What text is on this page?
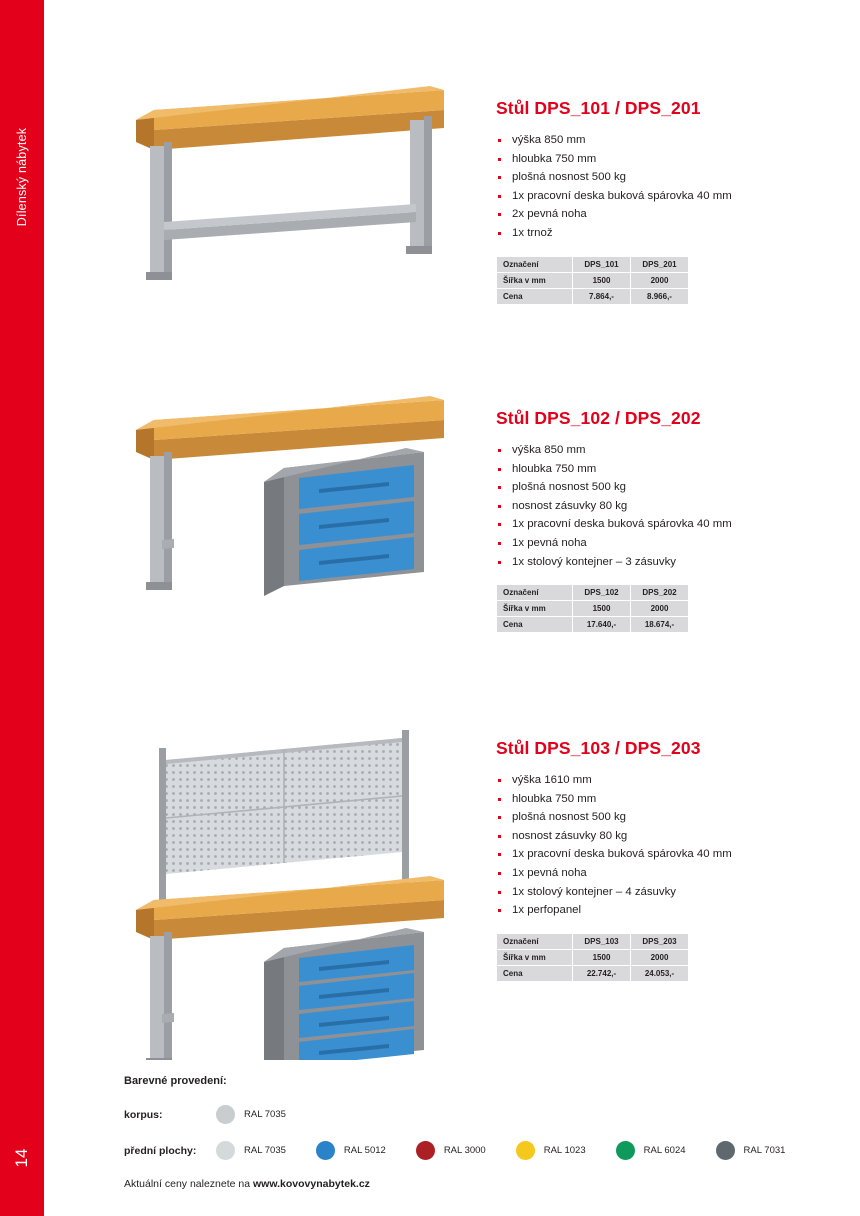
Dílenský nábytek
14
Stůl DPS_101 / DPS_201
výška 850 mm
hloubka 750 mm
plošná nosnost 500 kg
1x pracovní deska buková spárovka 40 mm
2x pevná noha
1x trnož
Označení	DPS_101	DPS_201
Šířka v mm	1500	2000
Cena	7.864,-	8.966,-
Stůl DPS_102 / DPS_202
výška 850 mm
hloubka 750 mm
plošná nosnost 500 kg
nosnost zásuvky 80 kg
1x pracovní deska buková spárovka 40 mm
1x pevná noha
1x stolový kontejner – 3 zásuvky
Označení	DPS_102	DPS_202
Šířka v mm	1500	2000
Cena	17.640,-	18.674,-
Stůl DPS_103 / DPS_203
výška 1610 mm
hloubka 750 mm
plošná nosnost 500 kg
nosnost zásuvky 80 kg
1x pracovní deska buková spárovka 40 mm
1x pevná noha
1x stolový kontejner – 4 zásuvky
1x perfopanel
Označení	DPS_103	DPS_203
Šířka v mm	1500	2000
Cena	22.742,-	24.053,-
Barevné provedení:
korpus:	RAL 7035
přední plochy:	RAL 7035	RAL 5012	RAL 3000	RAL 1023	RAL 6024	RAL 7031
Aktuální ceny naleznete na www.kovovynabytek.cz
